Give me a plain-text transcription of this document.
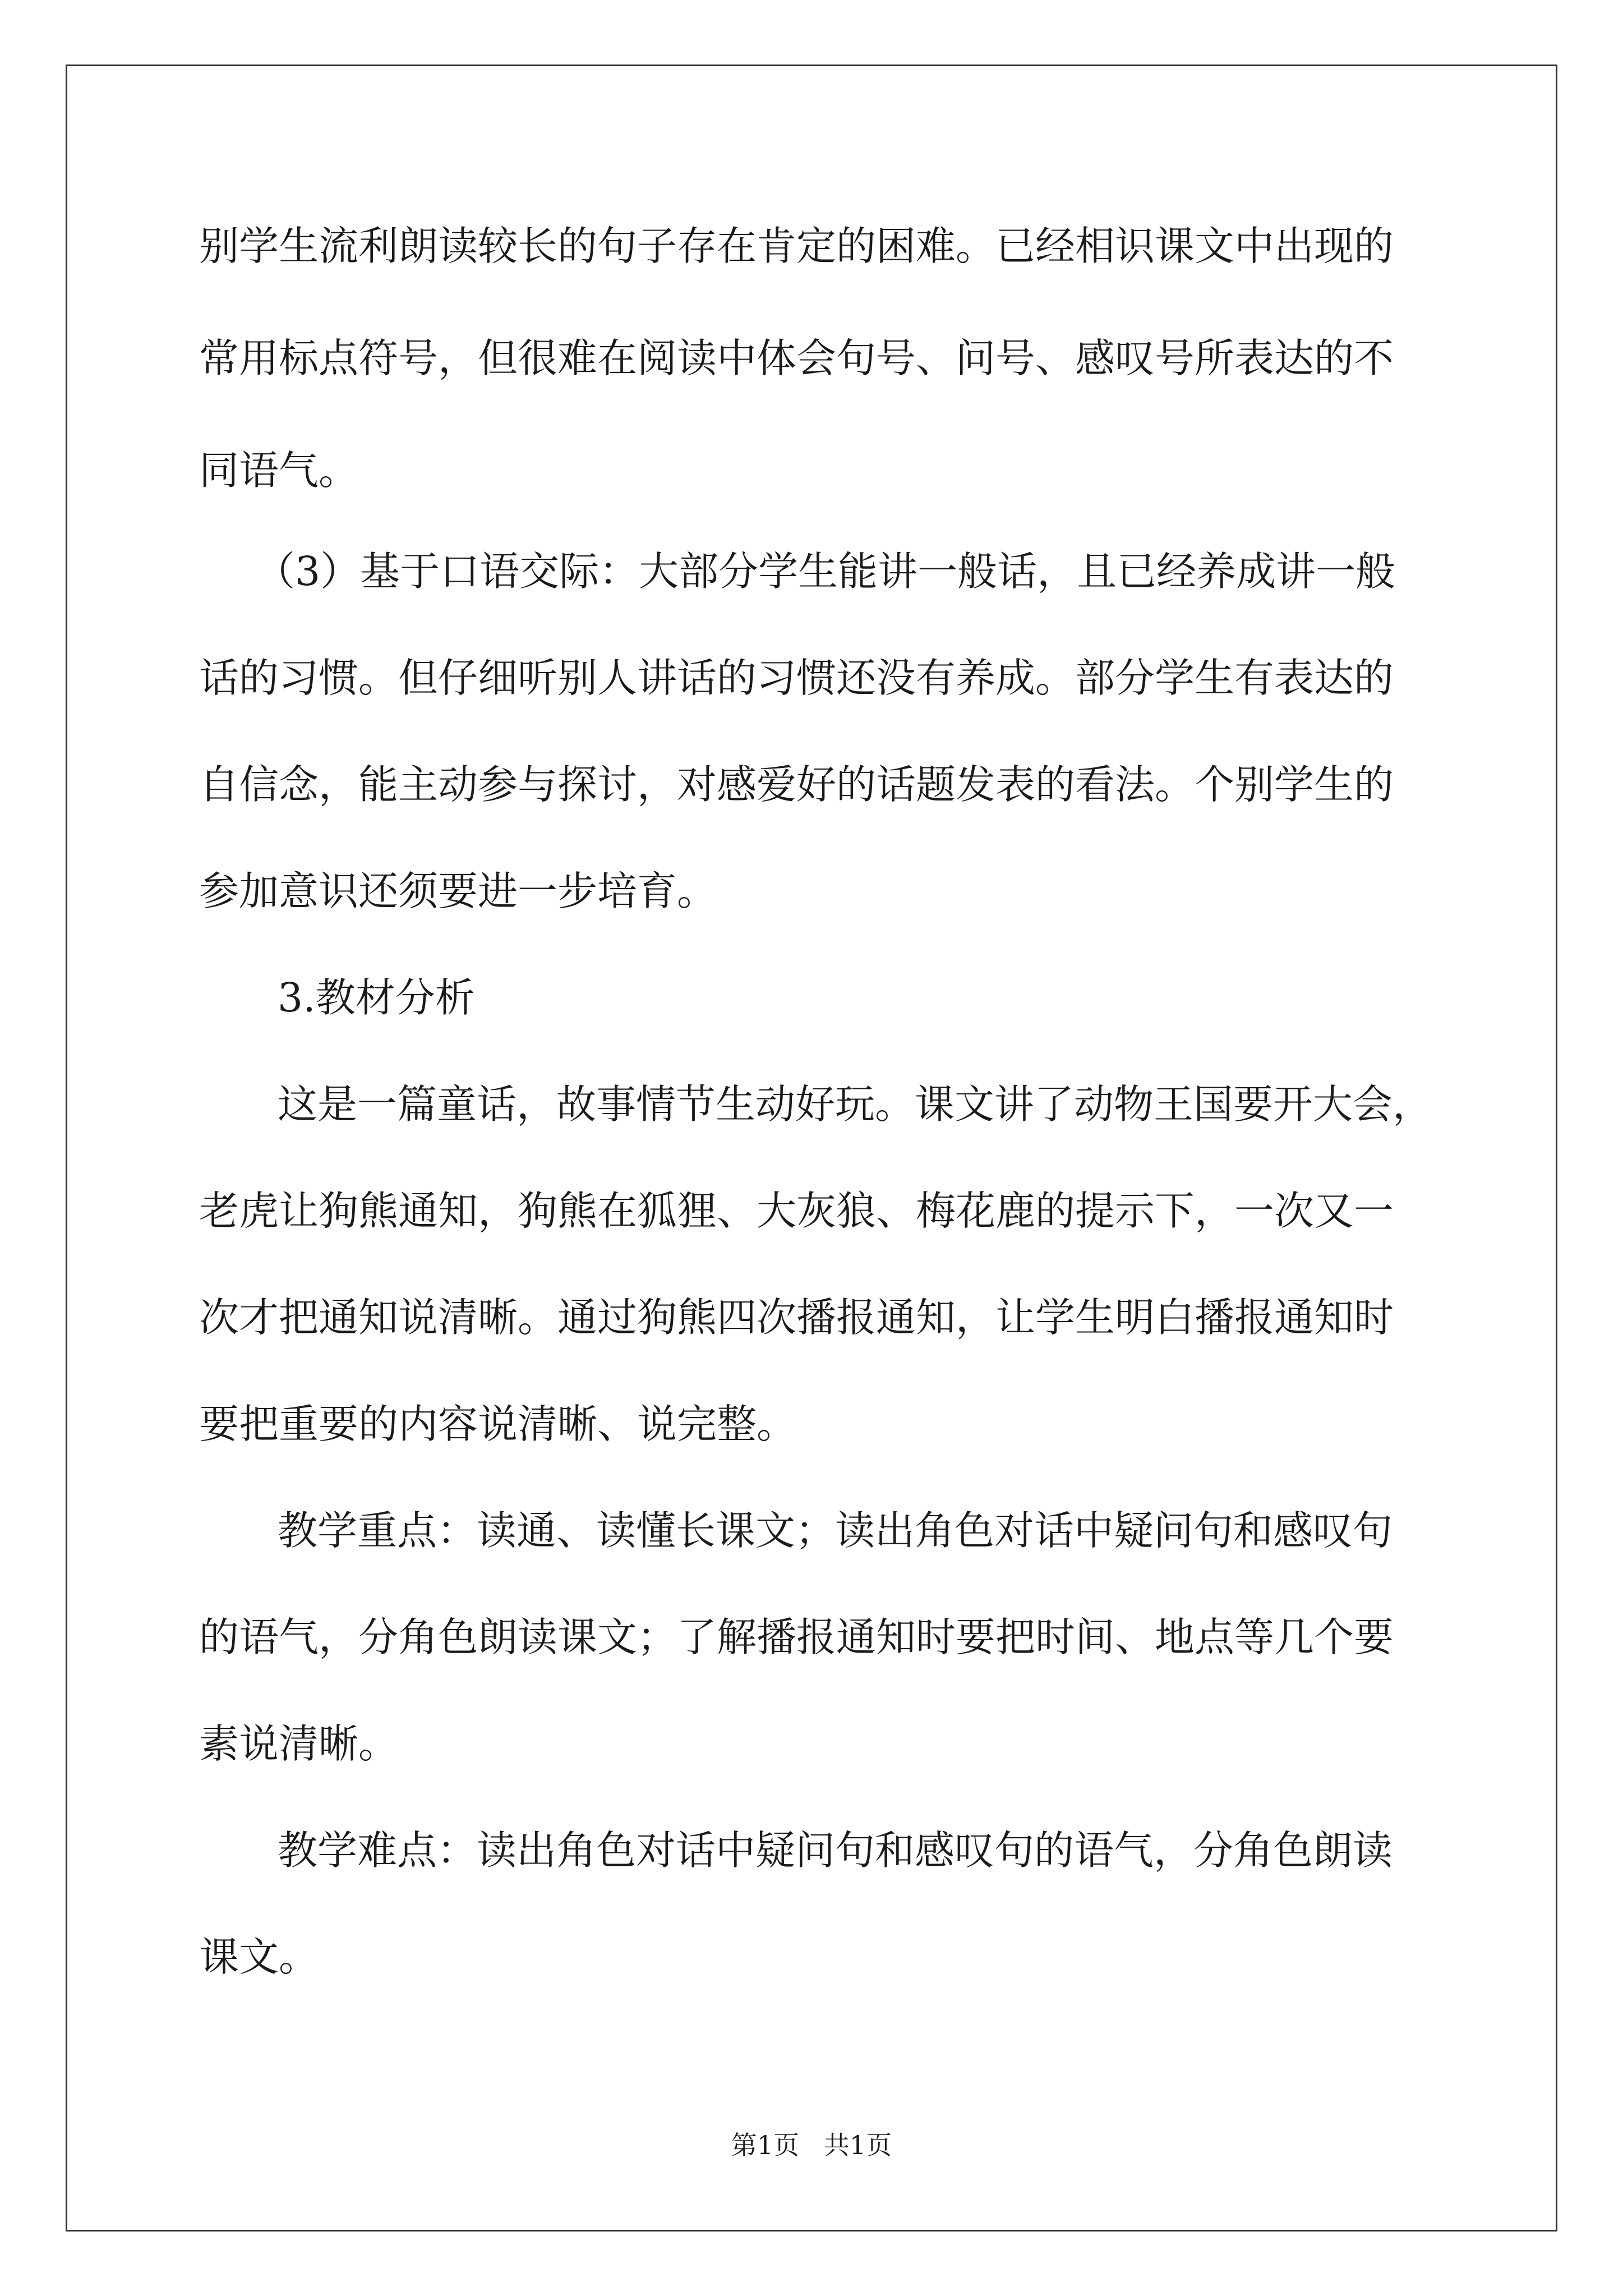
别学生流利朗读较长的句子存在肯定的困难。已经相识课文中出现的
常用标点符号，但很难在阅读中体会句号、问号、感叹号所表达的不
同语气。
（3）基于口语交际：大部分学生能讲一般话，且已经养成讲一般
话的习惯。但仔细听别人讲话的习惯还没有养成。部分学生有表达的
自信念，能主动参与探讨，对感爱好的话题发表的看法。个别学生的
参加意识还须要进一步培育。
3.教材分析
这是一篇童话，故事情节生动好玩。课文讲了动物王国要开大会，
老虎让狗熊通知，狗熊在狐狸、大灰狼、梅花鹿的提示下，一次又一
次才把通知说清晰。通过狗熊四次播报通知，让学生明白播报通知时
要把重要的内容说清晰、说完整。
教学重点：读通、读懂长课文；读出角色对话中疑问句和感叹句
的语气，分角色朗读课文；了解播报通知时要把时间、地点等几个要
素说清晰。
教学难点：读出角色对话中疑问句和感叹句的语气，分角色朗读
课文。
第1页   共1页
